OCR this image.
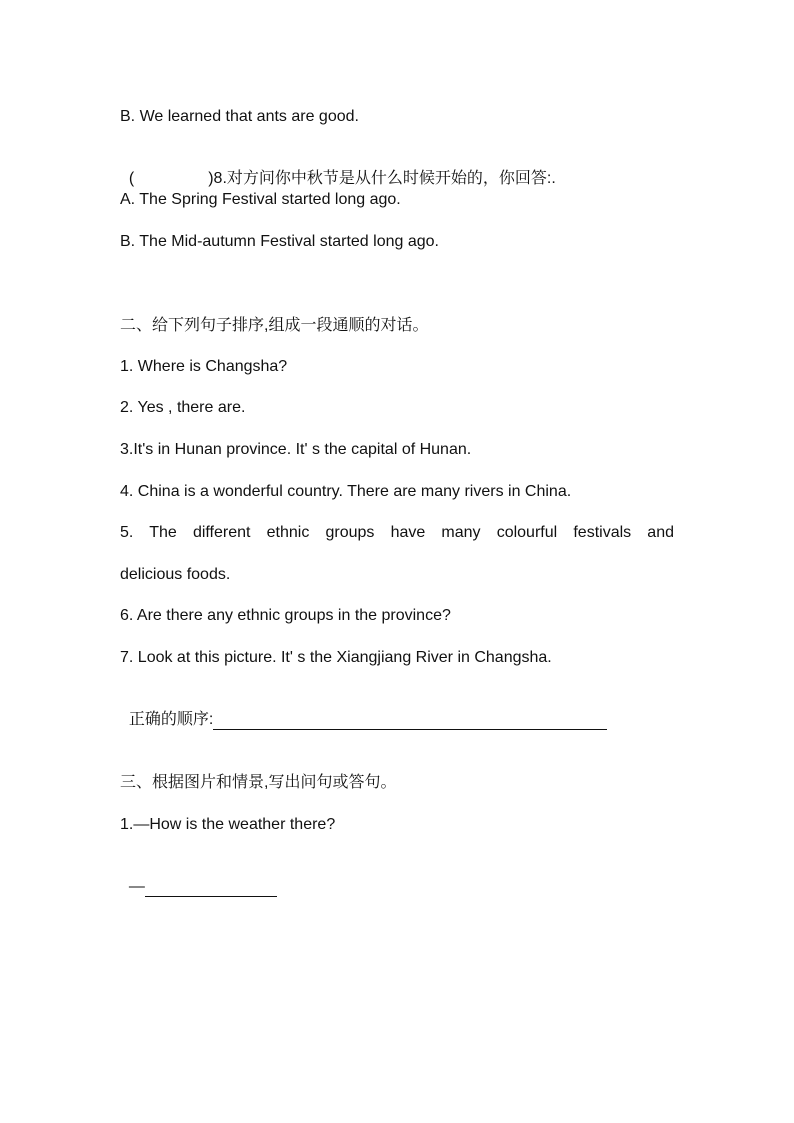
B. We learned that ants are good.

(	)8.对方问你中秋节是从什么时候开始的，你回答:.

A. The Spring Festival started long ago.
B. The Mid-autumn Festival started long ago.
二、给下列句子排序,组成一段通顺的对话。
1. Where is Changsha?
2. Yes , there are.
3.It's in Hunan province. It' s the capital of Hunan.
4. China is a wonderful country. There are many rivers in China.
5. The different ethnic groups have many colourful festivals and
delicious foods.
6. Are there any ethnic groups in the province?
7. Look at this picture. It' s the Xiangjiang River in Changsha.

正确的顺序:

三、根据图片和情景,写出问句或答句。
1.—How is the weather there?

—
